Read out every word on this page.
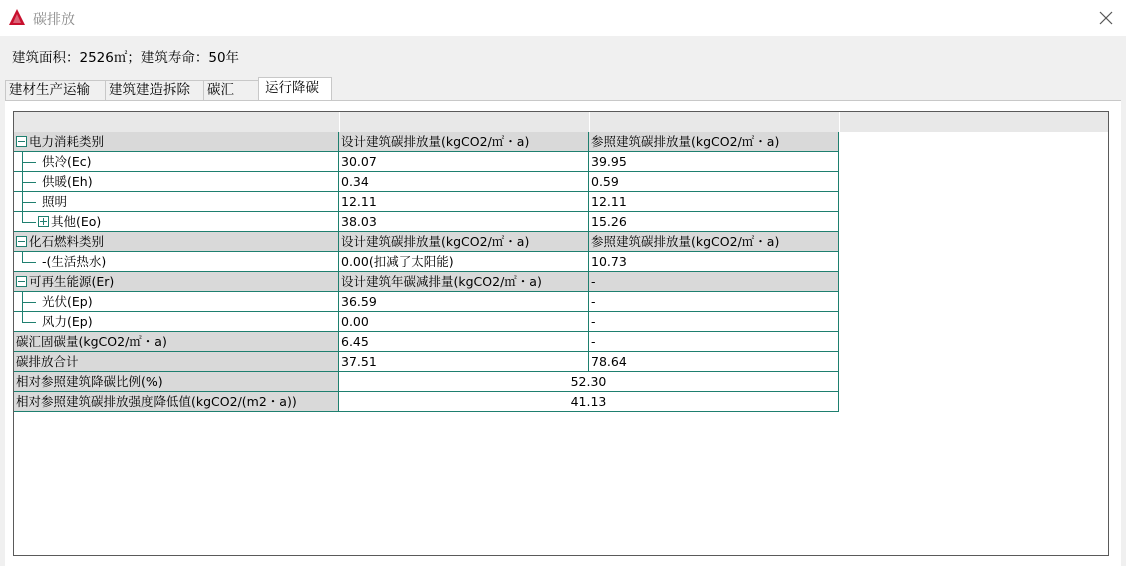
碳排放
建筑面积：2526㎡；建筑寿命：50年
建材生产运输	建筑建造拆除	碳汇	运行降碳
电力消耗类别	设计建筑碳排放量(kgCO2/㎡・a)	参照建筑碳排放量(kgCO2/㎡・a)
供冷(Ec)	30.07	39.95
供暖(Eh)	0.34	0.59
照明	12.11	12.11
其他(Eo)	38.03	15.26
化石燃料类别	设计建筑碳排放量(kgCO2/㎡・a)	参照建筑碳排放量(kgCO2/㎡・a)
-(生活热水)	0.00(扣减了太阳能)	10.73
可再生能源(Er)	设计建筑年碳减排量(kgCO2/㎡・a)	-
光伏(Ep)	36.59	-
风力(Ep)	0.00	-
碳汇固碳量(kgCO2/㎡・a)	6.45	-
碳排放合计	37.51	78.64
相对参照建筑降碳比例(%)	52.30
相对参照建筑碳排放强度降低值(kgCO2/(m2・a))	41.13
